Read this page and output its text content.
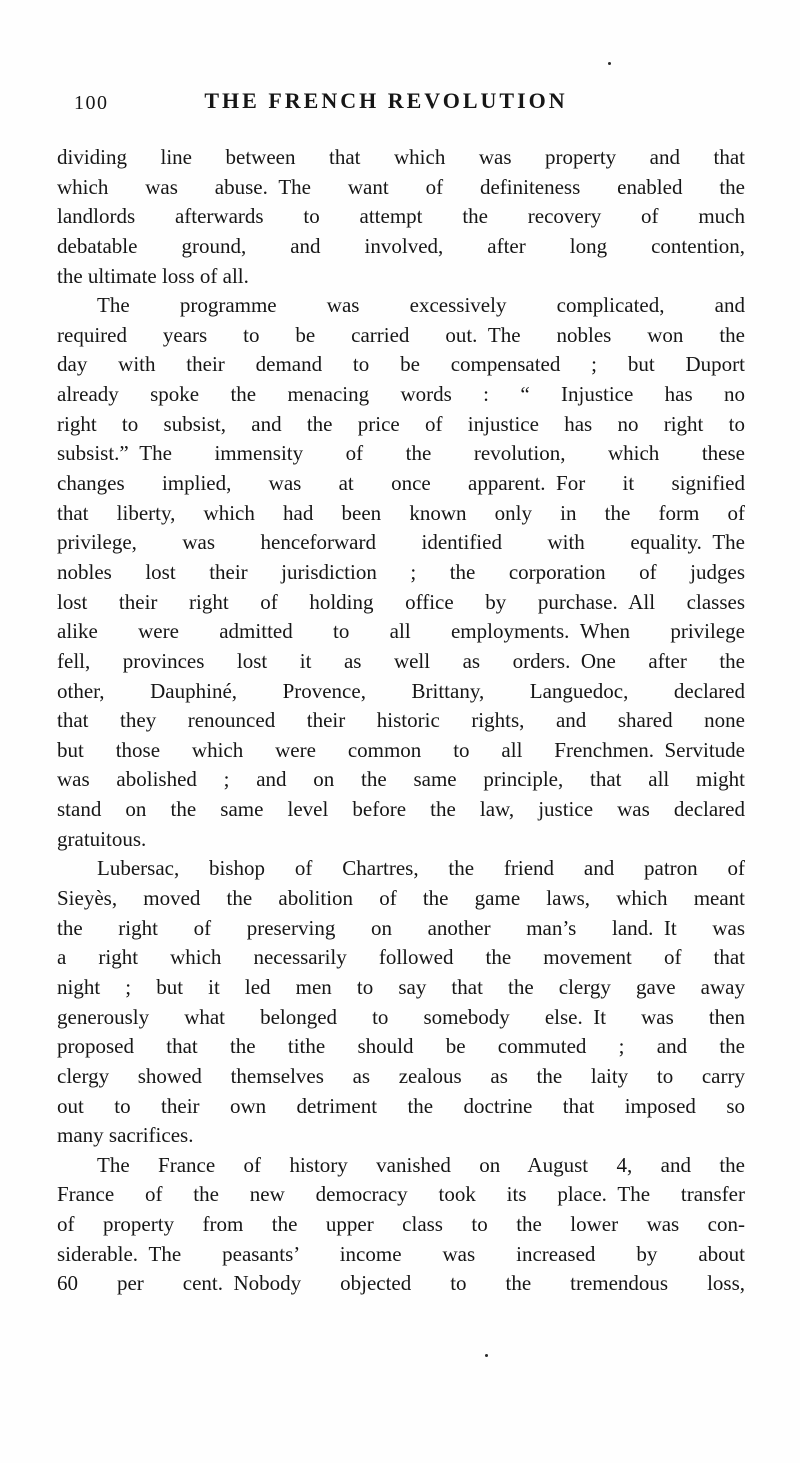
100	THE FRENCH REVOLUTION
dividing line between that which was property and that
which was abuse. The want of definiteness enabled the
landlords afterwards to attempt the recovery of much
debatable ground, and involved, after long contention,
the ultimate loss of all.
The programme was excessively complicated, and
required years to be carried out. The nobles won the
day with their demand to be compensated ; but Duport
already spoke the menacing words : “ Injustice has no
right to subsist, and the price of injustice has no right to
subsist.” The immensity of the revolution, which these
changes implied, was at once apparent. For it signified
that liberty, which had been known only in the form of
privilege, was henceforward identified with equality. The
nobles lost their jurisdiction ; the corporation of judges
lost their right of holding office by purchase. All classes
alike were admitted to all employments. When privilege
fell, provinces lost it as well as orders. One after the
other, Dauphiné, Provence, Brittany, Languedoc, declared
that they renounced their historic rights, and shared none
but those which were common to all Frenchmen. Servitude
was abolished ; and on the same principle, that all might
stand on the same level before the law, justice was declared
gratuitous.
Lubersac, bishop of Chartres, the friend and patron of
Sieyès, moved the abolition of the game laws, which meant
the right of preserving on another man’s land. It was
a right which necessarily followed the movement of that
night ; but it led men to say that the clergy gave away
generously what belonged to somebody else. It was then
proposed that the tithe should be commuted ; and the
clergy showed themselves as zealous as the laity to carry
out to their own detriment the doctrine that imposed so
many sacrifices.
The France of history vanished on August 4, and the
France of the new democracy took its place. The transfer
of property from the upper class to the lower was con-
siderable. The peasants’ income was increased by about
60 per cent. Nobody objected to the tremendous loss,
